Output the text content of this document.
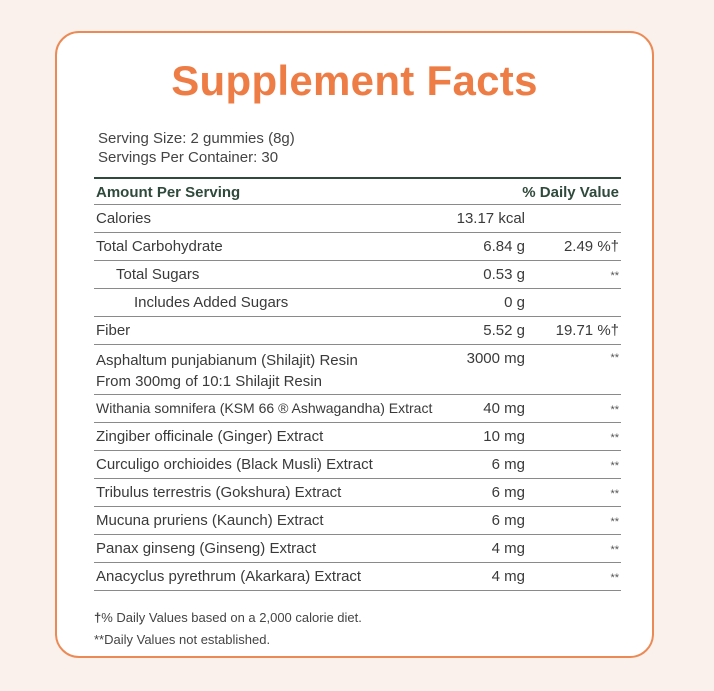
Supplement Facts
Serving Size: 2 gummies (8g)
Servings Per Container: 30
Amount Per Serving	% Daily Value
Calories	13.17 kcal
Total Carbohydrate	6.84 g	2.49 %†
Total Sugars	0.53 g	**
Includes Added Sugars	0 g
Fiber	5.52 g 19.71 %†
Asphaltum punjabianum (Shilajit) Resin
From 300mg of 10:1 Shilajit Resin
3000 mg	**
Withania somnifera (KSM 66 ® Ashwagandha) Extract	40 mg	**
Zingiber officinale (Ginger) Extract	10 mg	**
Curculigo orchioides (Black Musli) Extract	6 mg	**
Tribulus terrestris (Gokshura) Extract	6 mg	**
Mucuna pruriens (Kaunch) Extract	6 mg	**
Panax ginseng (Ginseng) Extract	4 mg	**
Anacyclus pyrethrum (Akarkara) Extract	4 mg	**
†% Daily Values based on a 2,000 calorie diet.
**Daily Values not established.
